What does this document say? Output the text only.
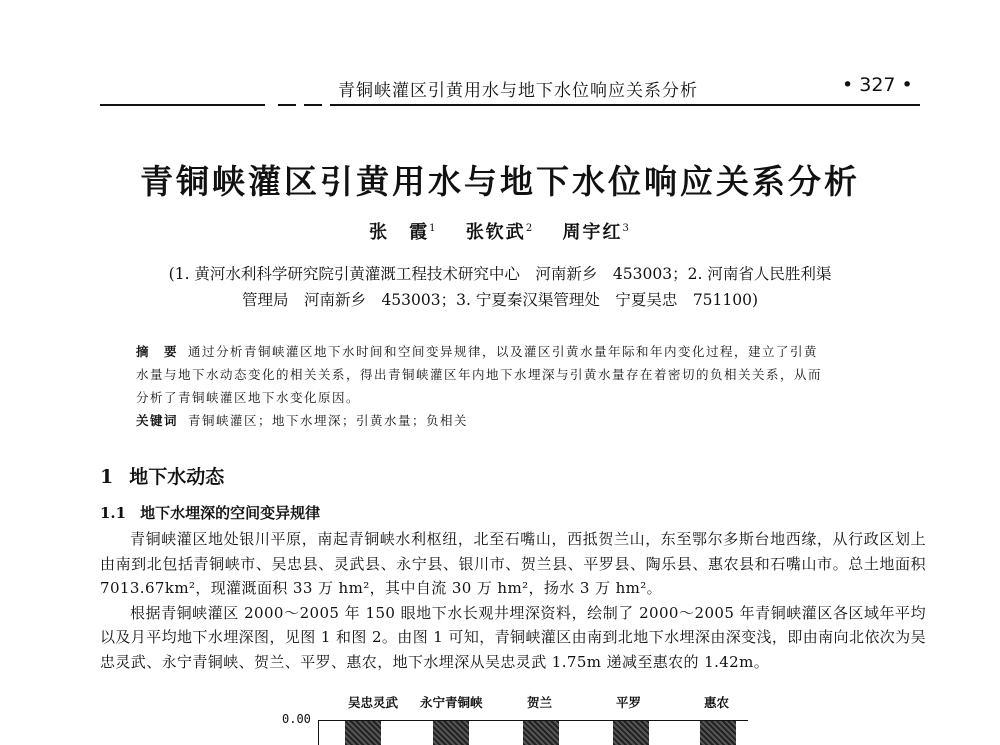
青铜峡灌区引黄用水与地下水位响应关系分析	• 327 •
青铜峡灌区引黄用水与地下水位响应关系分析
张　霞$^1$ 张钦武$^2$ 周宇红$^3$
(1. 黄河水利科学研究院引黄灌溉工程技术研究中心　河南新乡　453003；2. 河南省人民胜利渠
管理局　河南新乡　453003；3. 宁夏秦汉渠管理处　宁夏吴忠　751100)
摘　要 通过分析青铜峡灌区地下水时间和空间变异规律，以及灌区引黄水量年际和年内变化过程，建立了引黄
水量与地下水动态变化的相关关系，得出青铜峡灌区年内地下水埋深与引黄水量存在着密切的负相关关系，从而
分析了青铜峡灌区地下水变化原因。
关键词 青铜峡灌区；地下水埋深；引黄水量；负相关
1 地下水动态
1.1 地下水埋深的空间变异规律

青铜峡灌区地处银川平原，南起青铜峡水利枢纽，北至石嘴山，西抵贺兰山，东至鄂尔多斯台地西缘，从行政区划上由南到北包括青铜峡市、吴忠县、灵武县、永宁县、银川市、贺兰县、平罗县、陶乐县、惠农县和石嘴山市。总土地面积 7013.67km²，现灌溉面积 33 万 hm²，其中自流 30 万 hm²，扬水 3 万 hm²。

根据青铜峡灌区 2000～2005 年 150 眼地下水长观井埋深资料，绘制了 2000～2005 年青铜峡灌区各区域年平均以及月平均地下水埋深图，见图 1 和图 2。由图 1 可知，青铜峡灌区由南到北地下水埋深由深变浅，即由南向北依次为吴忠灵武、永宁青铜峡、贺兰、平罗、惠农，地下水埋深从吴忠灵武 1.75m 递减至惠农的 1.42m。

吴忠灵武 永宁青铜峡	贺兰	平罗	惠农
0.00
